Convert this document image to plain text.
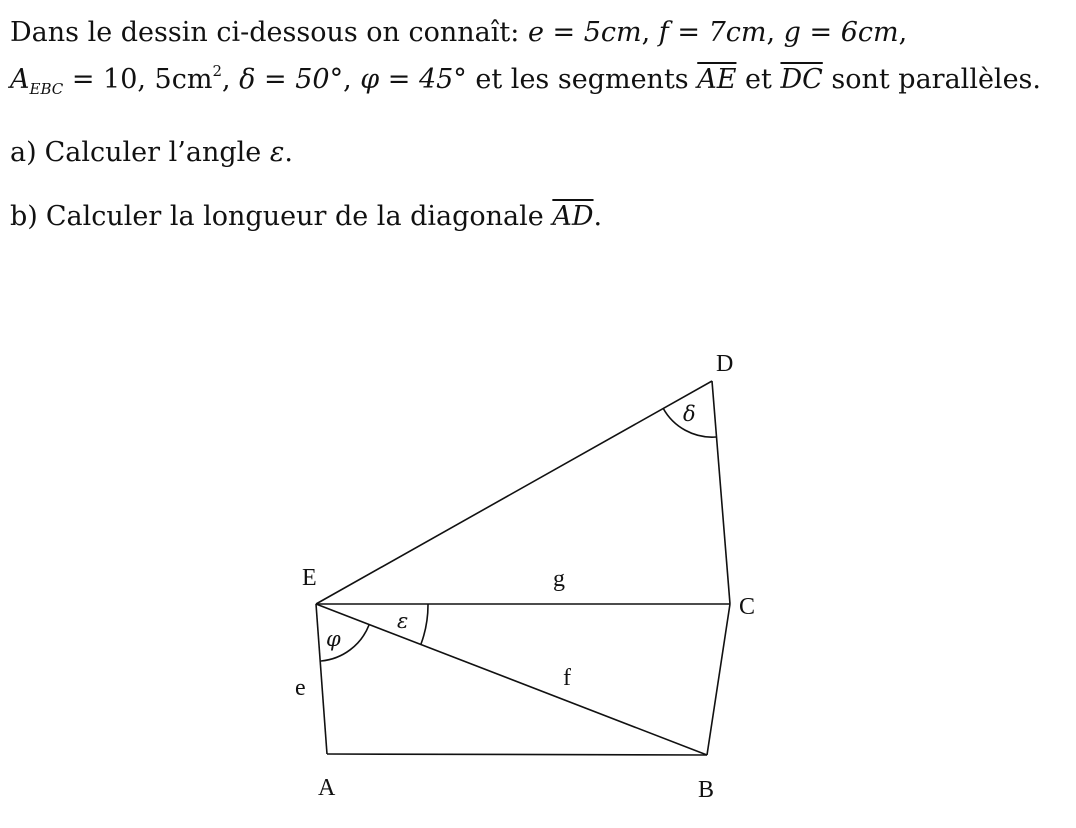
Dans le dessin ci-dessous on connaît: e = 5cm, f = 7cm, g = 6cm,
$A_{EBC} = 10$, $5cm^2$, δ = 50°, φ = 45° et les segments $\overline{AE}$ et $\overline{DC}$ sont parallèles.
a) Calculer l’angle ε.
b) Calculer la longueur de la diagonale $\overline{AD}$.
D
E
C
A	B
g
f
e
δ
φ
ε
